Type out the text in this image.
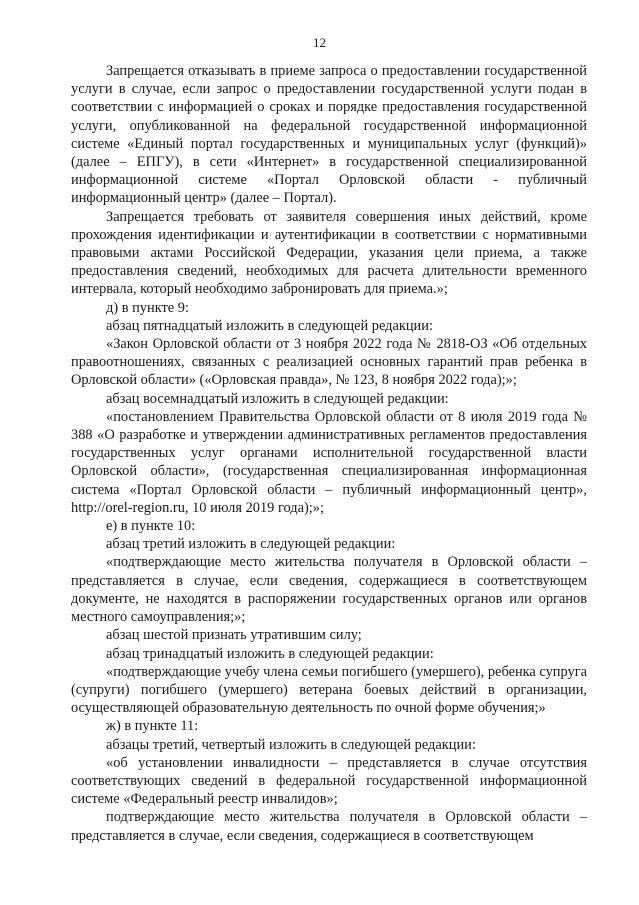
12

Запрещается отказывать в приеме запроса о предоставлении государственной услуги в случае, если запрос о предоставлении государственной услуги подан в соответствии с информацией о сроках и порядке предоставления государственной услуги, опубликованной на федеральной государственной информационной системе «Единый портал государственных и муниципальных услуг (функций)» (далее – ЕПГУ), в сети «Интернет» в государственной специализированной информационной системе «Портал Орловской области - публичный информационный центр» (далее – Портал).

Запрещается требовать от заявителя совершения иных действий, кроме прохождения идентификации и аутентификации в соответствии с нормативными правовыми актами Российской Федерации, указания цели приема, а также предоставления сведений, необходимых для расчета длительности временного интервала, который необходимо забронировать для приема.»;

д) в пункте 9:

абзац пятнадцатый изложить в следующей редакции:

«Закон Орловской области от 3 ноября 2022 года № 2818-ОЗ «Об отдельных правоотношениях, связанных с реализацией основных гарантий прав ребенка в Орловской области» («Орловская правда», № 123, 8 ноября 2022 года);»;

абзац восемнадцатый изложить в следующей редакции:

«постановлением Правительства Орловской области от 8 июля 2019 года № 388 «О разработке и утверждении административных регламентов предоставления государственных услуг органами исполнительной государственной власти Орловской области», (государственная специализированная информационная система «Портал Орловской области – публичный информационный центр», http://orel-region.ru, 10 июля 2019 года);»;

е) в пункте 10:

абзац третий изложить в следующей редакции:

«подтверждающие место жительства получателя в Орловской области – представляется в случае, если сведения, содержащиеся в соответствующем документе, не находятся в распоряжении государственных органов или органов местного самоуправления;»;

абзац шестой признать утратившим силу;

абзац тринадцатый изложить в следующей редакции:

«подтверждающие учебу члена семьи погибшего (умершего), ребенка супруга (супруги) погибшего (умершего) ветерана боевых действий в организации, осуществляющей образовательную деятельность по очной форме обучения;»

ж) в пункте 11:

абзацы третий, четвертый изложить в следующей редакции:

«об установлении инвалидности – представляется в случае отсутствия соответствующих сведений в федеральной государственной информационной системе «Федеральный реестр инвалидов»;

подтверждающие место жительства получателя в Орловской области – представляется в случае, если сведения, содержащиеся в соответствующем
